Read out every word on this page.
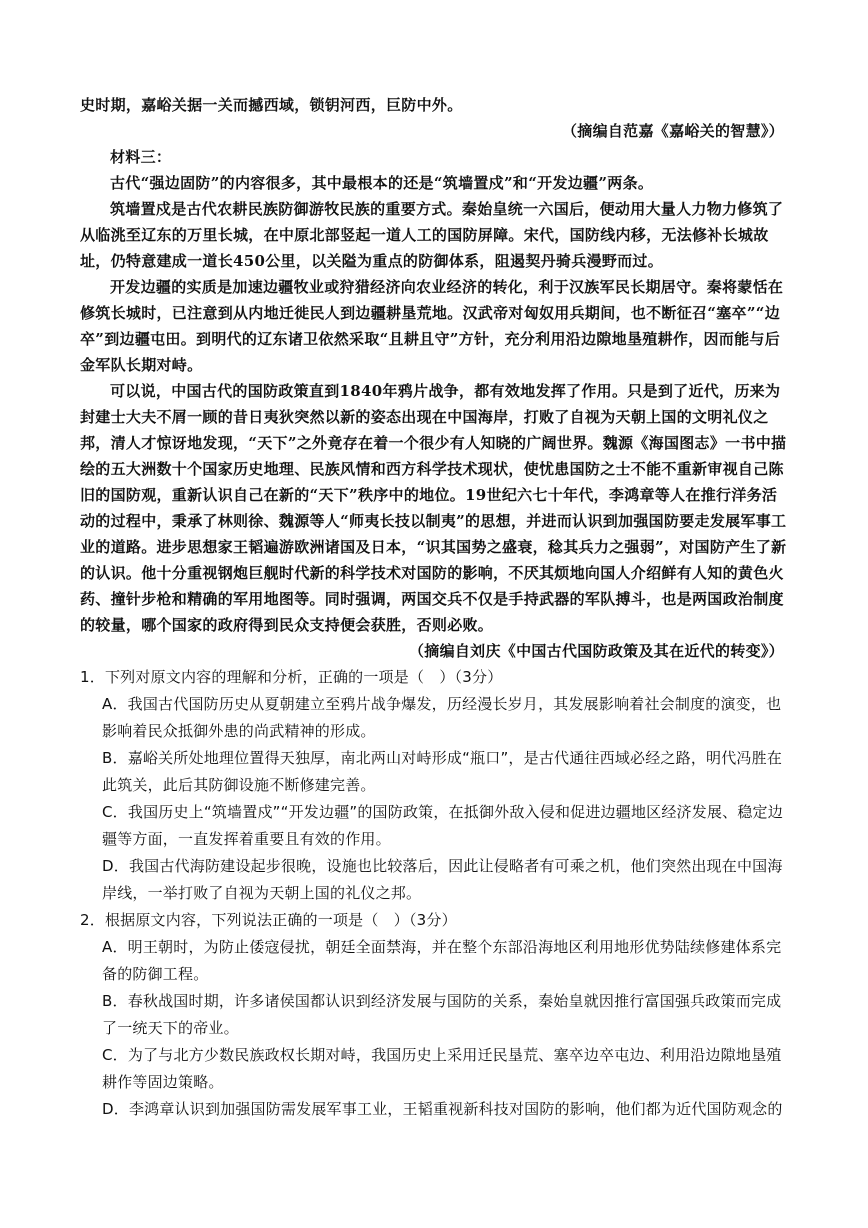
史时期，嘉峪关据一关而撼西域，锁钥河西，巨防中外。

（摘编自范嘉《嘉峪关的智慧》）

材料三：

古代“强边固防”的内容很多，其中最根本的还是“筑墙置戍”和“开发边疆”两条。

筑墙置戍是古代农耕民族防御游牧民族的重要方式。秦始皇统一六国后，便动用大量人力物力修筑了从临洮至辽东的万里长城，在中原北部竖起一道人工的国防屏障。宋代，国防线内移，无法修补长城故址，仍特意建成一道长450公里，以关隘为重点的防御体系，阻遏契丹骑兵漫野而过。

开发边疆的实质是加速边疆牧业或狩猎经济向农业经济的转化，利于汉族军民长期居守。秦将蒙恬在修筑长城时，已注意到从内地迁徙民人到边疆耕垦荒地。汉武帝对匈奴用兵期间，也不断征召“塞卒”“边卒”到边疆屯田。到明代的辽东诸卫依然采取“且耕且守”方针，充分利用沿边隙地垦殖耕作，因而能与后金军队长期对峙。

可以说，中国古代的国防政策直到1840年鸦片战争，都有效地发挥了作用。只是到了近代，历来为封建士大夫不屑一顾的昔日夷狄突然以新的姿态出现在中国海岸，打败了自视为天朝上国的文明礼仪之邦，清人才惊讶地发现，“天下”之外竟存在着一个很少有人知晓的广阔世界。魏源《海国图志》一书中描绘的五大洲数十个国家历史地理、民族风情和西方科学技术现状，使忧患国防之士不能不重新审视自己陈旧的国防观，重新认识自己在新的“天下”秩序中的地位。19世纪六七十年代，李鸿章等人在推行洋务活动的过程中，秉承了林则徐、魏源等人“师夷长技以制夷”的思想，并进而认识到加强国防要走发展军事工业的道路。进步思想家王韬遍游欧洲诸国及日本，“识其国势之盛衰，稔其兵力之强弱”，对国防产生了新的认识。他十分重视钢炮巨舰时代新的科学技术对国防的影响，不厌其烦地向国人介绍鲜有人知的黄色火药、撞针步枪和精确的军用地图等。同时强调，两国交兵不仅是手持武器的军队搏斗，也是两国政治制度的较量，哪个国家的政府得到民众支持便会获胜，否则必败。

（摘编自刘庆《中国古代国防政策及其在近代的转变》）

1．下列对原文内容的理解和分析，正确的一项是（　）（3分）

A．我国古代国防历史从夏朝建立至鸦片战争爆发，历经漫长岁月，其发展影响着社会制度的演变，也影响着民众抵御外患的尚武精神的形成。

B．嘉峪关所处地理位置得天独厚，南北两山对峙形成“瓶口”，是古代通往西域必经之路，明代冯胜在此筑关，此后其防御设施不断修建完善。

C．我国历史上“筑墙置戍”“开发边疆”的国防政策，在抵御外敌入侵和促进边疆地区经济发展、稳定边疆等方面，一直发挥着重要且有效的作用。

D．我国古代海防建设起步很晚，设施也比较落后，因此让侵略者有可乘之机，他们突然出现在中国海岸线，一举打败了自视为天朝上国的礼仪之邦。

2．根据原文内容，下列说法正确的一项是（　）（3分）

A．明王朝时，为防止倭寇侵扰，朝廷全面禁海，并在整个东部沿海地区利用地形优势陆续修建体系完备的防御工程。

B．春秋战国时期，许多诸侯国都认识到经济发展与国防的关系，秦始皇就因推行富国强兵政策而完成了一统天下的帝业。

C．为了与北方少数民族政权长期对峙，我国历史上采用迁民垦荒、塞卒边卒屯边、利用沿边隙地垦殖耕作等固边策略。

D．李鸿章认识到加强国防需发展军事工业，王韬重视新科技对国防的影响，他们都为近代国防观念的
